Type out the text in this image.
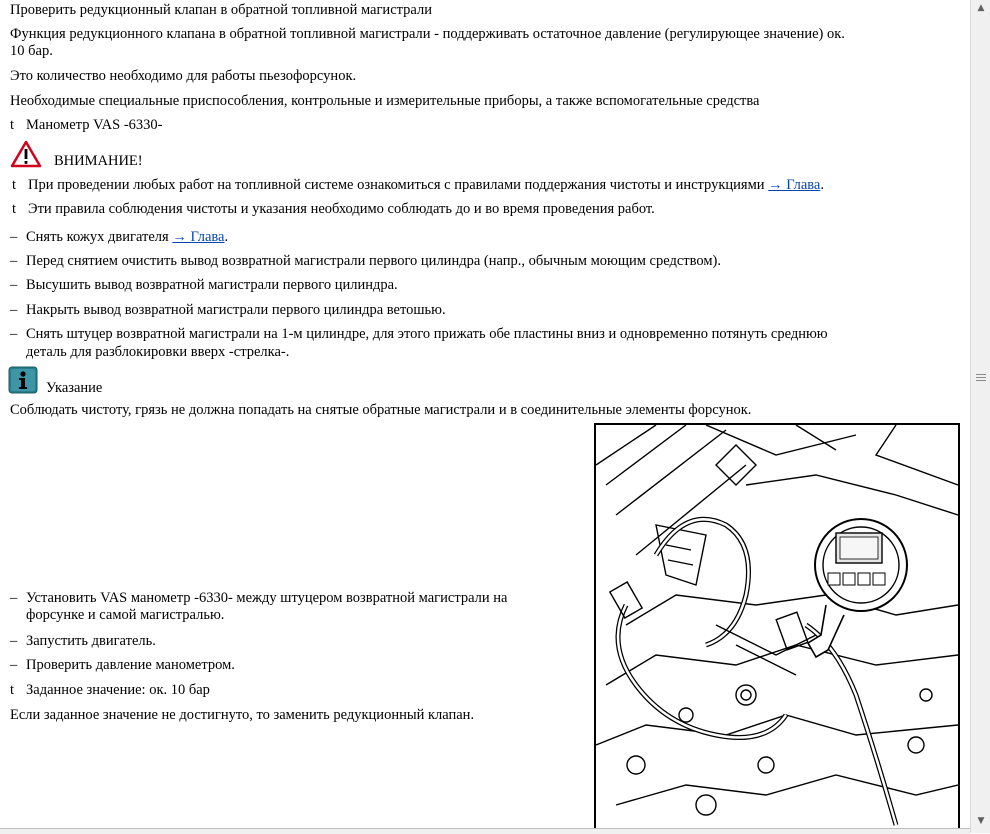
Проверить редукционный клапан в обратной топливной магистрали
Функция редукционного клапана в обратной топливной магистрали - поддерживать остаточное давление (регулирующее значение) ок.
10 бар.
Это количество необходимо для работы пьезофорсунок.
Необходимые специальные приспособления, контрольные и измерительные приборы, а также вспомогательные средства
t Манометр VAS -6330-
ВНИМАНИЕ!
t При проведении любых работ на топливной системе ознакомиться с правилами поддержания чистоты и инструкциями → Глава.
t Эти правила соблюдения чистоты и указания необходимо соблюдать до и во время проведения работ.
– Снять кожух двигателя → Глава.
– Перед снятием очистить вывод возвратной магистрали первого цилиндра (напр., обычным моющим средством).
– Высушить вывод возвратной магистрали первого цилиндра.
– Накрыть вывод возвратной магистрали первого цилиндра ветошью.
– Снять штуцер возвратной магистрали на 1-м цилиндре, для этого прижать обе пластины вниз и одновременно потянуть среднюю
деталь для разблокировки вверх -стрелка-.
Указание
Соблюдать чистоту, грязь не должна попадать на снятые обратные магистрали и в соединительные элементы форсунок.
– Установить VAS манометр -6330- между штуцером возвратной магистрали на
форсунке и самой магистралью.
– Запустить двигатель.
– Проверить давление манометром.
t Заданное значение: ок. 10 бар
Если заданное значение не достигнуто, то заменить редукционный клапан.
▲
▼
